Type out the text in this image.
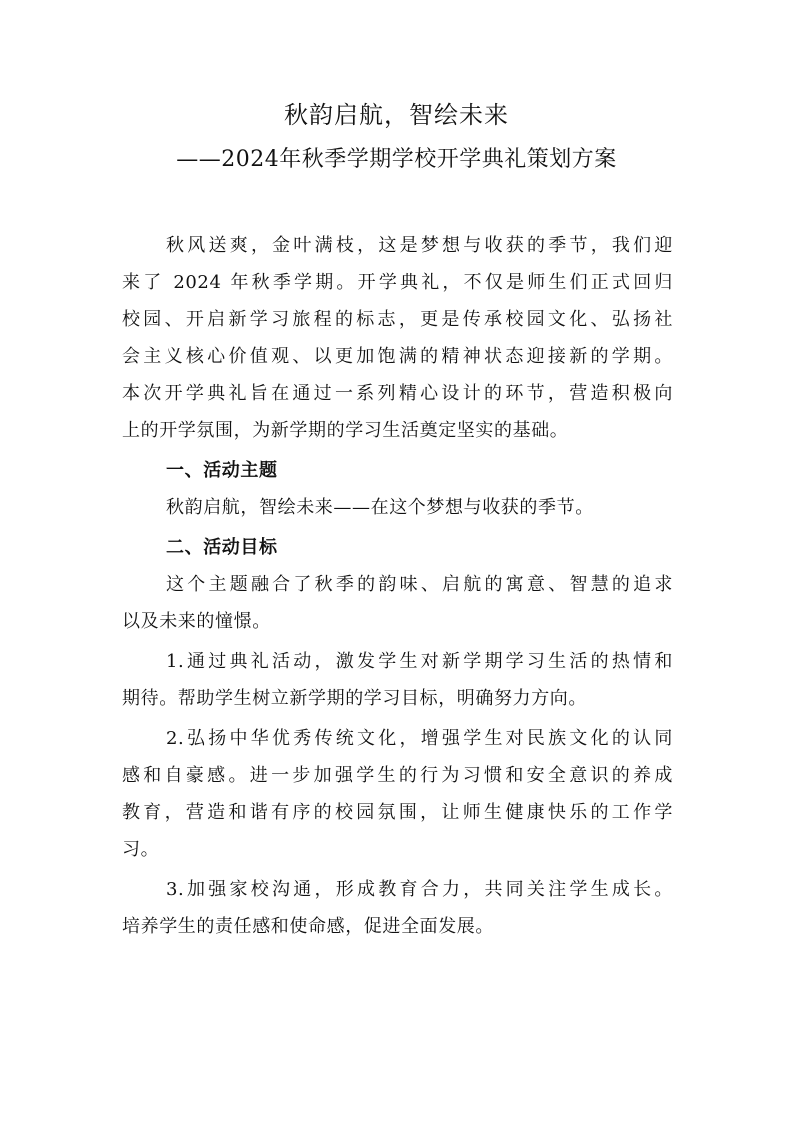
秋韵启航，智绘未来
——2024年秋季学期学校开学典礼策划方案
秋风送爽，金叶满枝，这是梦想与收获的季节，我们迎
来了 2024 年秋季学期。开学典礼，不仅是师生们正式回归
校园、开启新学习旅程的标志，更是传承校园文化、弘扬社
会主义核心价值观、以更加饱满的精神状态迎接新的学期。
本次开学典礼旨在通过一系列精心设计的环节，营造积极向
上的开学氛围，为新学期的学习生活奠定坚实的基础。
一、活动主题
秋韵启航，智绘未来——在这个梦想与收获的季节。
二、活动目标
这个主题融合了秋季的韵味、启航的寓意、智慧的追求
以及未来的憧憬。
1.通过典礼活动，激发学生对新学期学习生活的热情和
期待。帮助学生树立新学期的学习目标，明确努力方向。
2.弘扬中华优秀传统文化，增强学生对民族文化的认同
感和自豪感。进一步加强学生的行为习惯和安全意识的养成
教育，营造和谐有序的校园氛围，让师生健康快乐的工作学
习。
3.加强家校沟通，形成教育合力，共同关注学生成长。
培养学生的责任感和使命感，促进全面发展。
